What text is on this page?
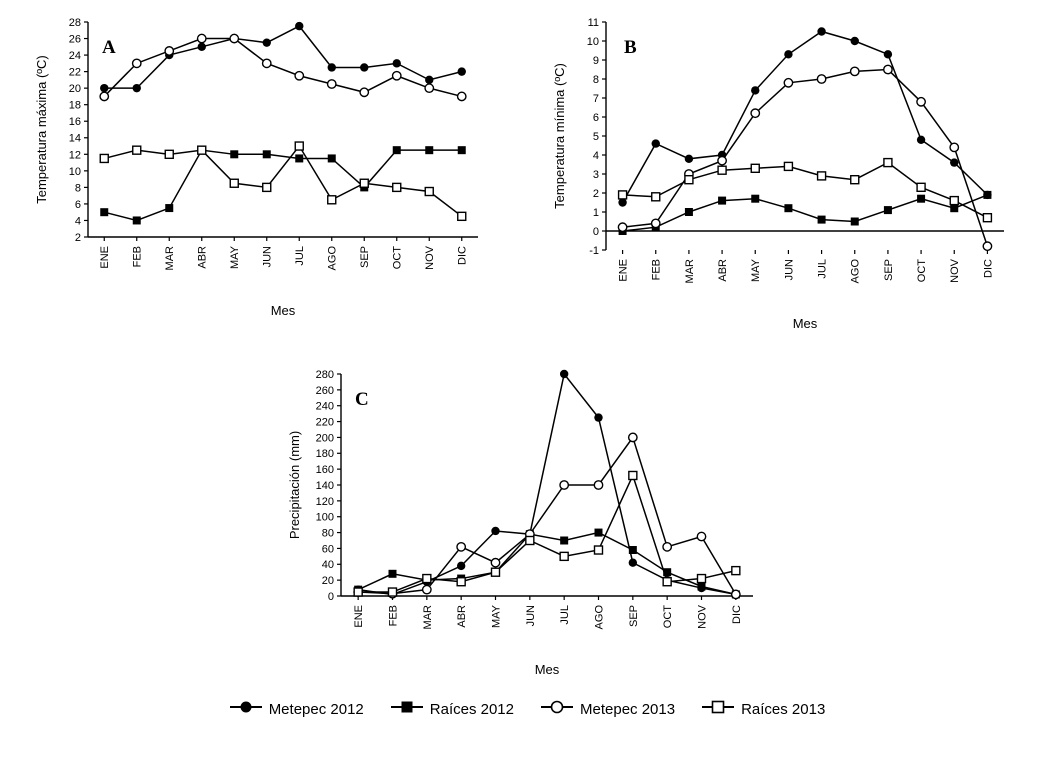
2
4
6
8
10
12
14
16
18
20
22
24
26
28
ENE FEB MAR ABR MAY JUN JUL AGO SEP OCT NOV DIC
Temperatura máxima (ºC)
Mes
A
-1
0
1
2
3
4
5
6
7
8
9
10
11
ENE FEB MAR ABR MAY JUN JUL AGO SEP OCT NOV DIC
Temperatura mínima (ºC)
Mes
B
0
20
40
60
80
100
120
140
160
180
200
220
240
260
280
ENE FEB MAR ABR MAY JUN JUL AGO SEP OCT NOV DIC
Precipitación (mm)
Mes
C
Metepec 2012	Raíces 2012	Metepec 2013	Raíces 2013
